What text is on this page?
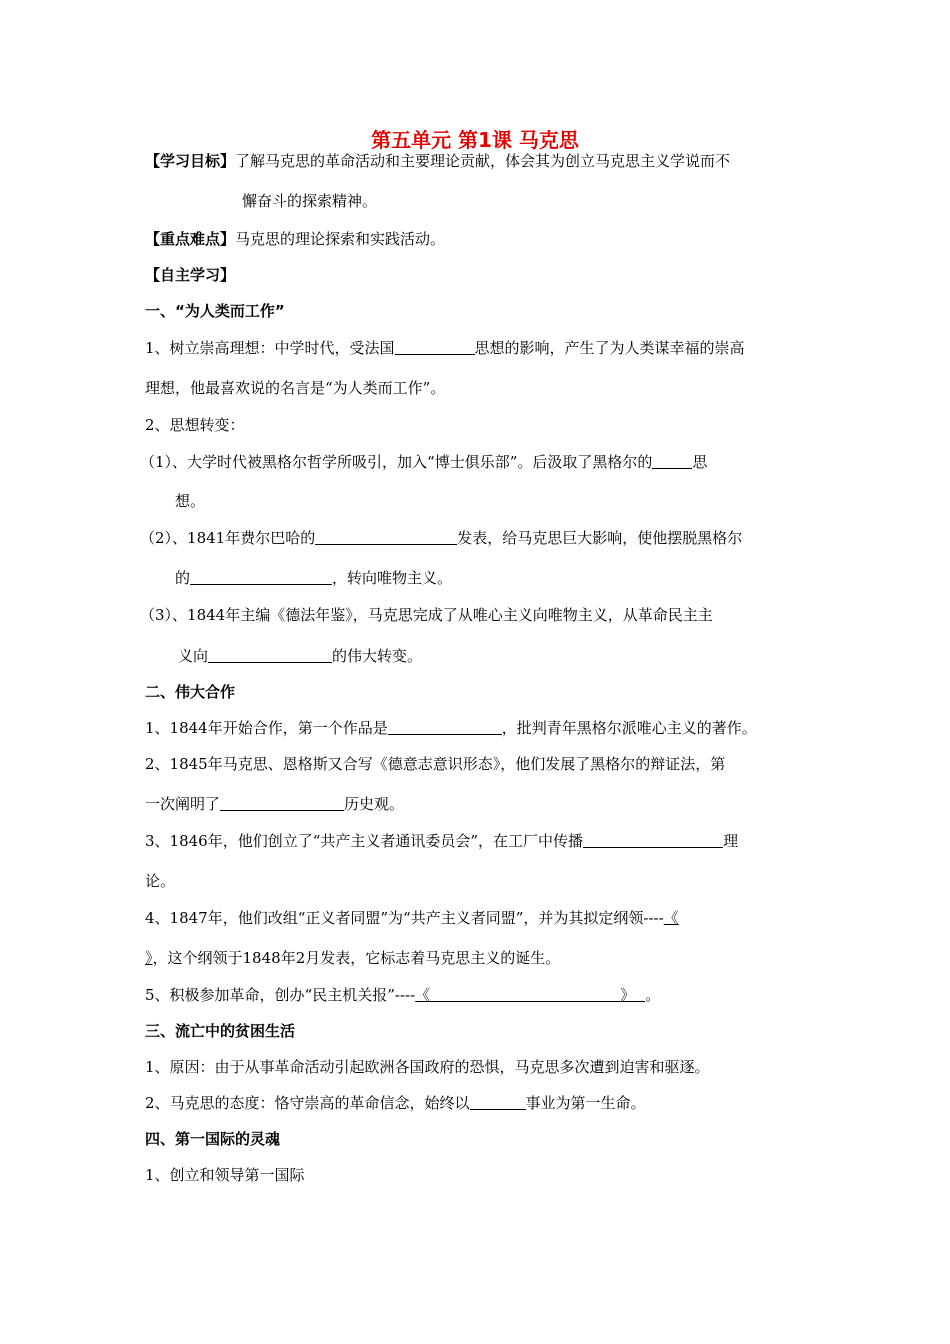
第五单元 第1课 马克思
【学习目标】了解马克思的革命活动和主要理论贡献，体会其为创立马克思主义学说而不
懈奋斗的探索精神。
【重点难点】马克思的理论探索和实践活动。
【自主学习】
一、“为人类而工作”
1、树立崇高理想：中学时代，受法国	思想的影响，产生了为人类谋幸福的崇高
理想，他最喜欢说的名言是“为人类而工作”。
2、思想转变：
（1）、大学时代被黑格尔哲学所吸引，加入“博士俱乐部”。后汲取了黑格尔的	思
想。
（2）、1841年费尔巴哈的	发表，给马克思巨大影响，使他摆脱黑格尔
的	，转向唯物主义。
（3）、1844年主编《德法年鉴》，马克思完成了从唯心主义向唯物主义，从革命民主主
义向	的伟大转变。
二、伟大合作
1、1844年开始合作，第一个作品是	，批判青年黑格尔派唯心主义的著作。
2、1845年马克思、恩格斯又合写《德意志意识形态》，他们发展了黑格尔的辩证法，第
一次阐明了	历史观。
3、1846年，他们创立了“共产主义者通讯委员会”，在工厂中传播	理
论。
4、1847年，他们改组“正义者同盟”为“共产主义者同盟”，并为其拟定纲领----《
》，这个纲领于1848年2月发表，它标志着马克思主义的诞生。
5、积极参加革命，创办“民主机关报”----《	》 。
三、流亡中的贫困生活
1、原因：由于从事革命活动引起欧洲各国政府的恐惧，马克思多次遭到迫害和驱逐。
2、马克思的态度：恪守崇高的革命信念，始终以	事业为第一生命。
四、第一国际的灵魂
1、创立和领导第一国际
